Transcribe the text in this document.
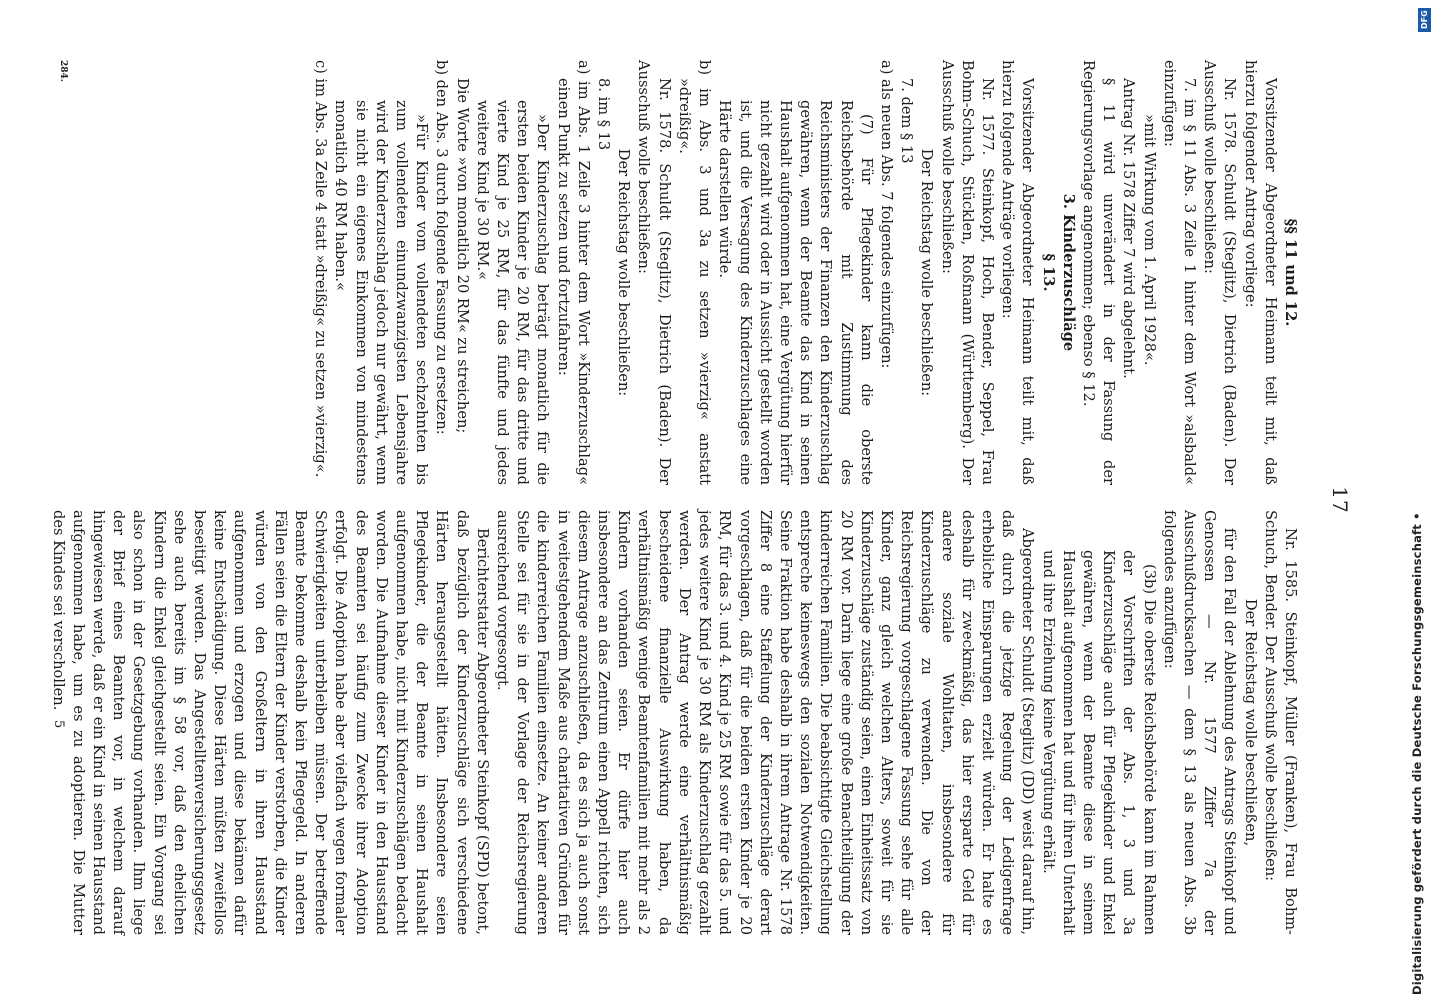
17

§§ 11 und 12.

Vorsitzender Abgeordneter Heimann teilt mit, daß hierzu folgender Antrag vorliege:

Nr. 1578. Schuldt (Steglitz), Dietrich (Baden). Der Ausschuß wolle beschließen:

7. im § 11 Abs. 3 Zeile 1 hinter dem Wort »alsbald« einzufügen:

»mit Wirkung vom 1. April 1928«.

Antrag Nr. 1578 Ziffer 7 wird abgelehnt.

§ 11 wird unverändert in der Fassung der Regierungsvorlage angenommen; ebenso § 12.

3. Kinderzuschläge

§ 13.

Vorsitzender Abgeordneter Heimann teilt mit, daß hierzu folgende Anträge vorliegen:

Nr. 1577. Steinkopf, Hoch, Bender, Seppel, Frau Bohm-Schuch, Stücklen, Roßmann (Württemberg). Der Ausschuß wolle beschließen:

Der Reichstag wolle beschließen:

7. dem § 13

a) als neuen Abs. 7 folgendes einzufügen:

(7) Für Pflegekinder kann die oberste Reichsbehörde mit Zustimmung des Reichsministers der Finanzen den Kinderzuschlag gewähren, wenn der Beamte das Kind in seinen Haushalt aufgenommen hat, eine Vergütung hierfür nicht gezahlt wird oder in Aussicht gestellt worden ist, und die Versagung des Kinderzuschlages eine Härte darstellen würde.

b) im Abs. 3 und 3a zu setzen »vierzig« anstatt »dreißig«.

Nr. 1578. Schuldt (Steglitz), Dietrich (Baden). Der Ausschuß wolle beschließen:

Der Reichstag wolle beschließen:

8. im § 13

a) im Abs. 1 Zeile 3 hinter dem Wort »Kinderzuschlag« einen Punkt zu setzen und fortzufahren:

»Der Kinderzuschlag beträgt monatlich für die ersten beiden Kinder je 20 RM, für das dritte und vierte Kind je 25 RM, für das fünfte und jedes weitere Kind je 30 RM.«

Die Worte »von monatlich 20 RM« zu streichen;

b) den Abs. 3 durch folgende Fassung zu ersetzen:

»Für Kinder vom vollendeten sechzehnten bis zum vollendeten einundzwanzigsten Lebensjahre wird der Kinderzuschlag jedoch nur gewährt, wenn sie nicht ein eigenes Einkommen von mindestens monatlich 40 RM haben.«

c) im Abs. 3a Zeile 4 statt »dreißig« zu setzen »vierzig«.

Nr. 1585. Steinkopf, Müller (Franken), Frau Bohm-Schuch, Bender. Der Ausschuß wolle beschließen:

Der Reichstag wolle beschließen,

für den Fall der Ablehnung des Antrags Steinkopf und Genossen — Nr. 1577 Ziffer 7a der Ausschußdrucksachen — dem § 13 als neuen Abs. 3b folgendes anzufügen:

(3b) Die oberste Reichsbehörde kann im Rahmen der Vorschriften der Abs. 1, 3 und 3a Kinderzuschläge auch für Pflegekinder und Enkel gewähren, wenn der Beamte diese in seinem Haushalt aufgenommen hat und für ihren Unterhalt und ihre Erziehung keine Vergütung erhält.

Abgeordneter Schuldt (Steglitz) (DD) weist darauf hin, daß durch die jetzige Regelung der Ledigenfrage erhebliche Einsparungen erzielt würden. Er halte es deshalb für zweckmäßig, das hier ersparte Geld für andere soziale Wohltaten, insbesondere für Kinderzuschläge zu verwenden. Die von der Reichsregierung vorgeschlagene Fassung sehe für alle Kinder, ganz gleich welchen Alters, soweit für sie Kinderzuschläge zuständig seien, einen Einheitssatz von 20 RM vor. Darin liege eine große Benachteiligung der kinderreichen Familien. Die beabsichtigte Gleichstellung entspreche keineswegs den sozialen Notwendigkeiten. Seine Fraktion habe deshalb in ihrem Antrage Nr. 1578 Ziffer 8 eine Staffelung der Kinderzuschläge derart vorgeschlagen, daß für die beiden ersten Kinder je 20 RM, für das 3. und 4. Kind je 25 RM sowie für das 5. und jedes weitere Kind je 30 RM als Kinderzuschlag gezahlt werden. Der Antrag werde eine verhältnismäßig bescheidene finanzielle Auswirkung haben, da verhältnismäßig wenige Beamtenfamilien mit mehr als 2 Kindern vorhanden seien. Er dürfe hier auch insbesondere an das Zentrum einen Appell richten, sich diesem Antrage anzuschließen, da es sich ja auch sonst in weitestgehendem Maße aus charitativen Gründen für die kinderreichen Familien einsetze. An keiner anderen Stelle sei für sie in der Vorlage der Reichsregierung ausreichend vorgesorgt.

Berichterstatter Abgeordneter Steinkopf (SPD) betont, daß bezüglich der Kinderzuschläge sich verschiedene Härten herausgestellt hätten. Insbesondere seien Pflegekinder, die der Beamte in seinen Haushalt aufgenommen habe, nicht mit Kinderzuschlägen bedacht worden. Die Aufnahme dieser Kinder in den Hausstand des Beamten sei häufig zum Zwecke ihrer Adoption erfolgt. Die Adoption habe aber vielfach wegen formaler Schwierigkeiten unterbleiben müssen. Der betreffende Beamte bekomme deshalb kein Pflegegeld. In anderen Fällen seien die Eltern der Kinder verstorben, die Kinder würden von den Großeltern in ihren Hausstand aufgenommen und erzogen und diese bekämen dafür keine Entschädigung. Diese Härten müßten zweifellos beseitigt werden. Das Angestelltenversicherungsgesetz sehe auch bereits im § 58 vor, daß den ehelichen Kindern die Enkel gleichgestellt seien. Ein Vorgang sei also schon in der Gesetzgebung vorhanden. Ihm liege der Brief eines Beamten vor, in welchem darauf hingewiesen werde, daß er ein Kind in seinen Hausstand aufgenommen habe, um es zu adoptieren. Die Mutter des Kindes sei verschollen.

284.
5	Digitalisierung gefördert durch die Deutsche Forschungsgemeinschaft •
DFG
